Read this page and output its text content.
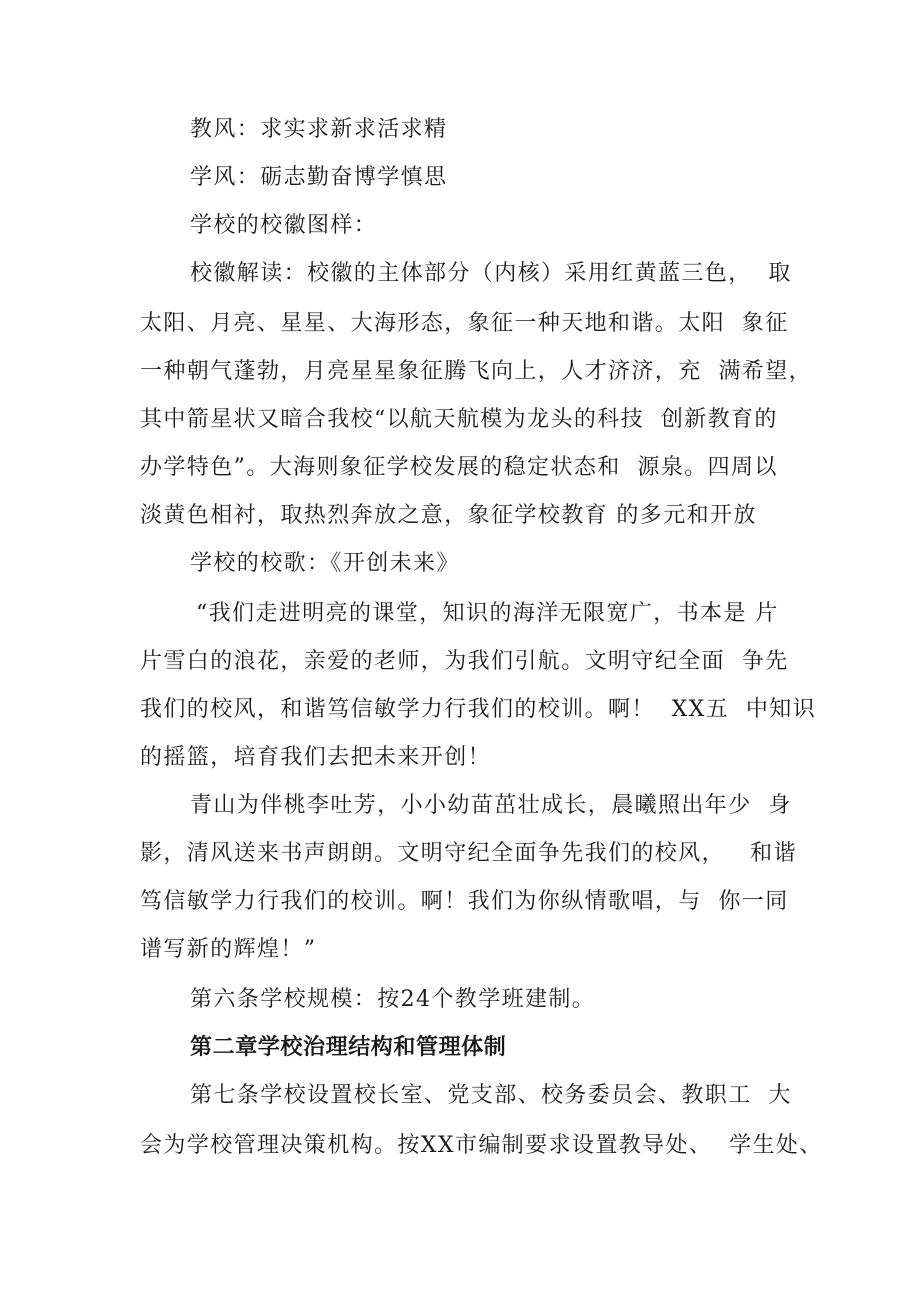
教风：求实求新求活求精
学风：砺志勤奋博学慎思
学校的校徽图样：
校徽解读：校徽的主体部分（内核）采用红黄蓝三色，  取
太阳、月亮、星星、大海形态，象征一种天地和谐。太阳  象征
一种朝气蓬勃，月亮星星象征腾飞向上，人才济济，充  满希望，
其中箭星状又暗合我校“以航天航模为龙头的科技  创新教育的
办学特色”。大海则象征学校发展的稳定状态和  源泉。四周以
淡黄色相衬，取热烈奔放之意，象征学校教育 的多元和开放
学校的校歌：《开创未来》
“我们走进明亮的课堂，知识的海洋无限宽广，书本是 片
片雪白的浪花，亲爱的老师，为我们引航。文明守纪全面  争先
我们的校风，和谐笃信敏学力行我们的校训。啊！  XX五  中知识
的摇篮，培育我们去把未来开创！
青山为伴桃李吐芳，小小幼苗茁壮成长，晨曦照出年少  身
影，清风送来书声朗朗。文明守纪全面争先我们的校风，   和谐
笃信敏学力行我们的校训。啊！我们为你纵情歌唱，与  你一同
谱写新的辉煌！”
第六条学校规模：按24个教学班建制。
第二章学校治理结构和管理体制
第七条学校设置校长室、党支部、校务委员会、教职工  大
会为学校管理决策机构。按XX市编制要求设置教导处、  学生处、
